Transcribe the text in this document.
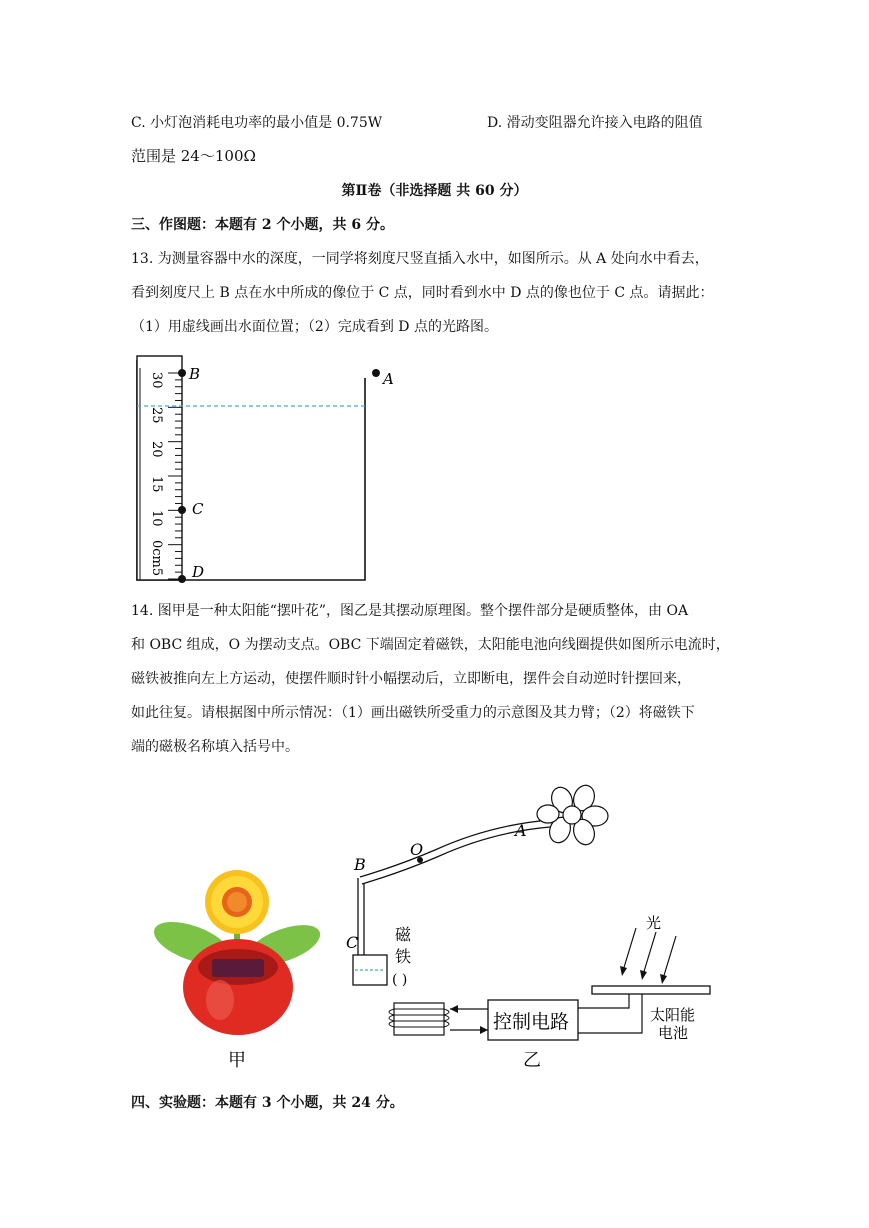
C. 小灯泡消耗电功率的最小值是 0.75W	D. 滑动变阻器允许接入电路的阻值
范围是 24～100Ω
第Ⅱ卷（非选择题 共 60 分）
三、作图题：本题有 2 个小题，共 6 分。
13. 为测量容器中水的深度，一同学将刻度尺竖直插入水中，如图所示。从 A 处向水中看去，
看到刻度尺上 B 点在水中所成的像位于 C 点，同时看到水中 D 点的像也位于 C 点。请据此：
（1）用虚线画出水面位置；（2）完成看到 D 点的光路图。
30
25
20
15
10
0cm5
B	A
C
D
14. 图甲是一种太阳能“摆叶花”，图乙是其摆动原理图。整个摆件部分是硬质整体，由 OA
和 OBC 组成，O 为摆动支点。OBC 下端固定着磁铁，太阳能电池向线圈提供如图所示电流时，
磁铁被推向左上方运动，使摆件顺时针小幅摆动后，立即断电，摆件会自动逆时针摆回来，
如此往复。请根据图中所示情况：（1）画出磁铁所受重力的示意图及其力臂；（2）将磁铁下
端的磁极名称填入括号中。
甲
A
O
B
C 磁
铁
( )
控制电路
光
太阳能
电池
乙
四、实验题：本题有 3 个小题，共 24 分。
